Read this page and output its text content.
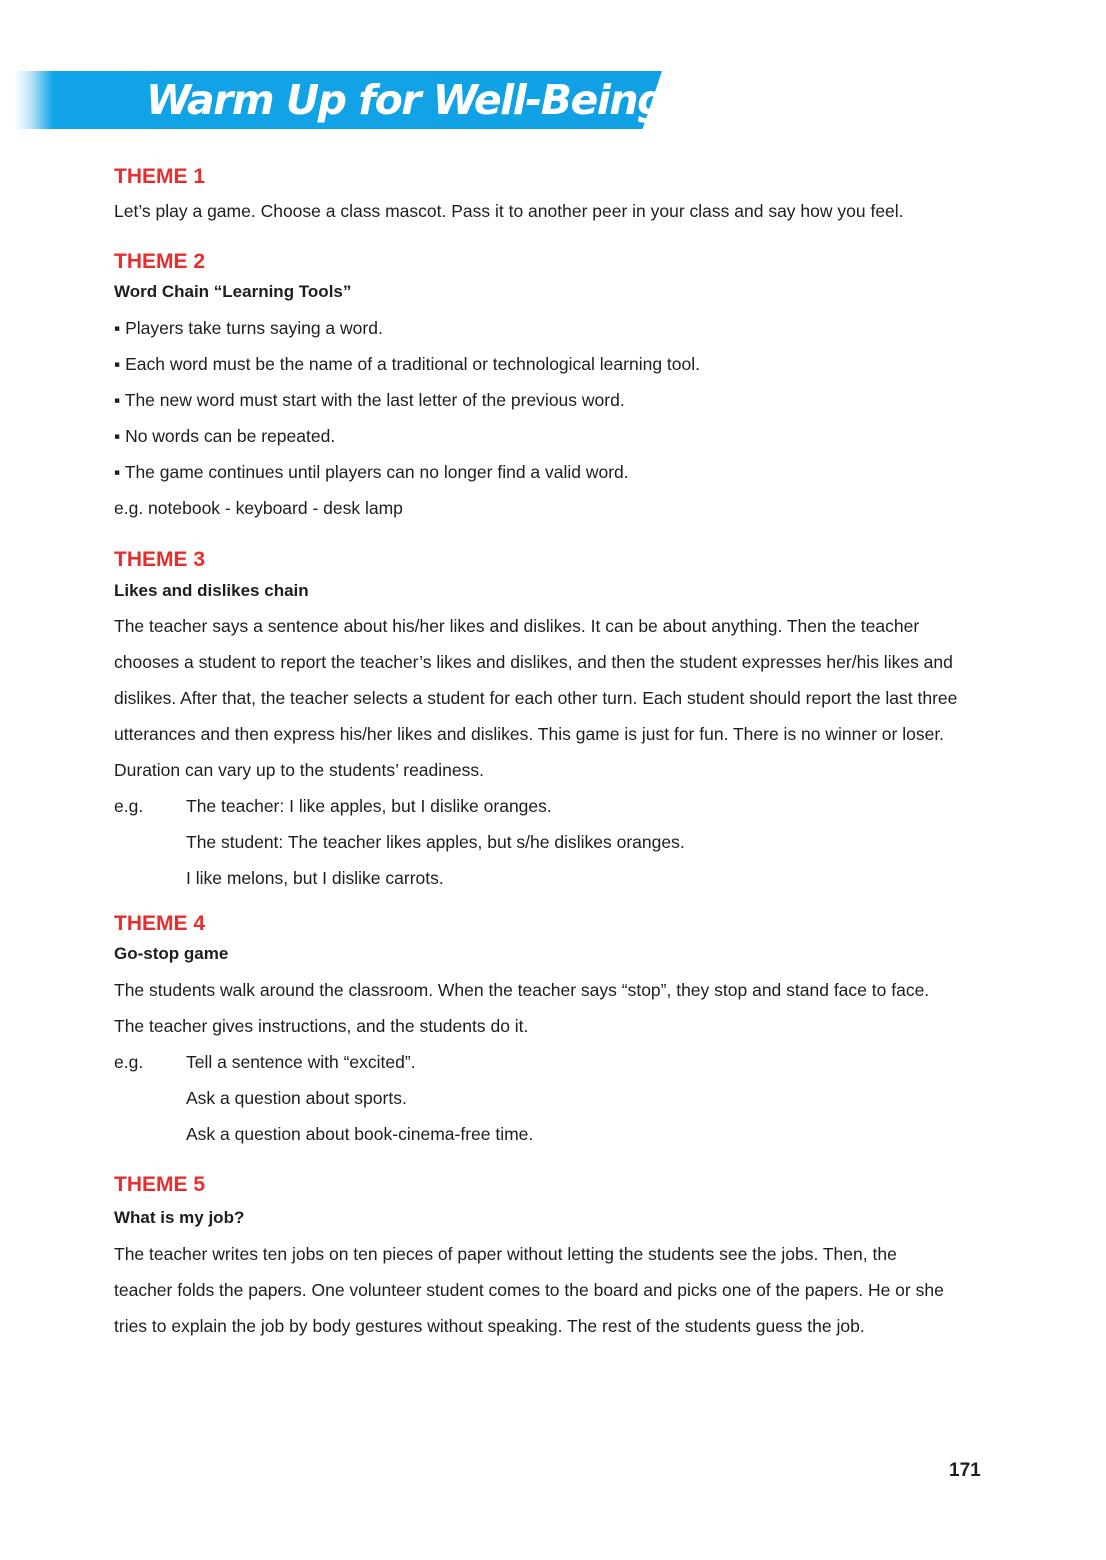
Warm Up for Well-Being
THEME 1

Let’s play a game. Choose a class mascot. Pass it to another peer in your class and say how you feel.

THEME 2
Word Chain “Learning Tools”

▪ Players take turns saying a word.

▪ Each word must be the name of a traditional or technological learning tool.

▪ The new word must start with the last letter of the previous word.

▪ No words can be repeated.

▪ The game continues until players can no longer find a valid word.

e.g. notebook - keyboard - desk lamp

THEME 3
Likes and dislikes chain

The teacher says a sentence about his/her likes and dislikes. It can be about anything. Then the teacher

chooses a student to report the teacher’s likes and dislikes, and then the student expresses her/his likes and

dislikes. After that, the teacher selects a student for each other turn. Each student should report the last three

utterances and then express his/her likes and dislikes. This game is just for fun. There is no winner or loser.

Duration can vary up to the students’ readiness.

e.g. The teacher: I like apples, but I dislike oranges.

The student: The teacher likes apples, but s/he dislikes oranges.

I like melons, but I dislike carrots.

THEME 4
Go-stop game

The students walk around the classroom. When the teacher says “stop”, they stop and stand face to face.

The teacher gives instructions, and the students do it.

e.g. Tell a sentence with “excited”.

Ask a question about sports.

Ask a question about book-cinema-free time.

THEME 5
What is my job?

The teacher writes ten jobs on ten pieces of paper without letting the students see the jobs. Then, the

teacher folds the papers. One volunteer student comes to the board and picks one of the papers. He or she

tries to explain the job by body gestures without speaking. The rest of the students guess the job.

171
